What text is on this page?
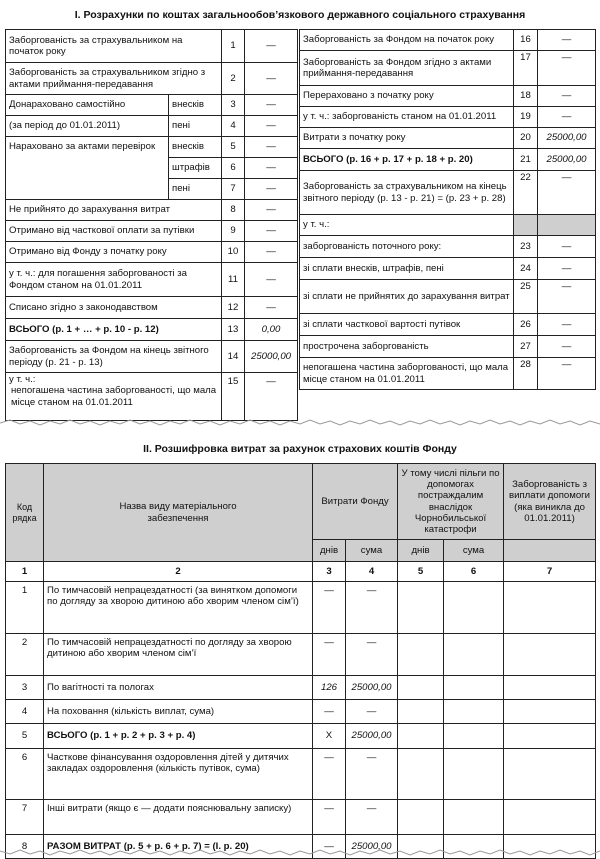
I. Розрахунки по коштах загальнообов’язкового державного соціального страхування
Заборгованість за страхувальником на початок року		1	—
Заборгованість за страхувальником згідно з актами приймання-передавання		2	—
Донараховано самостійно	внесків	3	—
(за період до 01.01.2011)	пені	4	—
Нараховано за актами перевірок	внесків	5	—
	штрафів	6	—
	пені	7	—
Не прийнято до зарахування витрат		8	—
Отримано від часткової оплати за путівки		9	—
Отримано від Фонду з початку року		10	—
у т. ч.: для погашення заборгованості за Фондом станом на 01.01.2011		11	—
Списано згідно з законодавством		12	—
ВСЬОГО (р. 1 + … + р. 10 - р. 12)		13	0,00
Заборгованість за Фондом на кінець звітного періоду (р. 21 - р. 13)		14	25000,00

у т. ч.:
непогашена частина заборгованості, що мала місце станом на 01.01.2011		15	—
Заборгованість за Фондом на початок року	16	—
Заборгованість за Фондом згідно з актами приймання-передавання	17	—
Перераховано з початку року	18	—
у т. ч.: заборгованість станом на 01.01.2011	19	—
Витрати з початку року	20	25000,00
ВСЬОГО (р. 16 + р. 17 + р. 18 + р. 20)	21	25000,00
Заборгованість за страхувальником на кінець звітного періоду (р. 13 - р. 21) = (р. 23 + р. 28)	22	—
у т. ч.:		
заборгованість поточного року:	23	—
зі сплати внесків, штрафів, пені	24	—
зі сплати не прийнятих до зарахування витрат	25	—
зі сплати часткової вартості путівок	26	—
прострочена заборгованість	27	—
непогашена частина заборгованості, що мала місце станом на 01.01.2011	28	—
II. Розшифровка витрат за рахунок страхових коштів Фонду
Код рядка	Назва виду матеріального забезпечення	Витрати Фонду		У тому числі пільги по допомогах постраждалим внаслідок Чорнобильської катастрофи		Заборгованість з виплати допомоги (яка виникла до 01.01.2011)
		днів	сума	днів	сума	
1	2	3	4	5	6	7
1	По тимчасовій непрацездатності (за винятком допомоги по догляду за хворою дитиною або хворим членом сім’ї)	—	—			
2	По тимчасовій непрацездатності по догляду за хворою дитиною або хворим членом сім’ї	—	—			
3	По вагітності та пологах	126	25000,00			
4	На поховання (кількість виплат, сума)	—	—			
5	ВСЬОГО (р. 1 + р. 2 + р. 3 + р. 4)	Х	25000,00			
6	Часткове фінансування оздоровлення дітей у дитячих закладах оздоровлення (кількість путівок, сума)	—	—			
7	Інші витрати (якщо є — додати пояснювальну записку)	—	—			
8	РАЗОМ ВИТРАТ (р. 5 + р. 6 + р. 7) = (І. р. 20)	—	25000,00			
